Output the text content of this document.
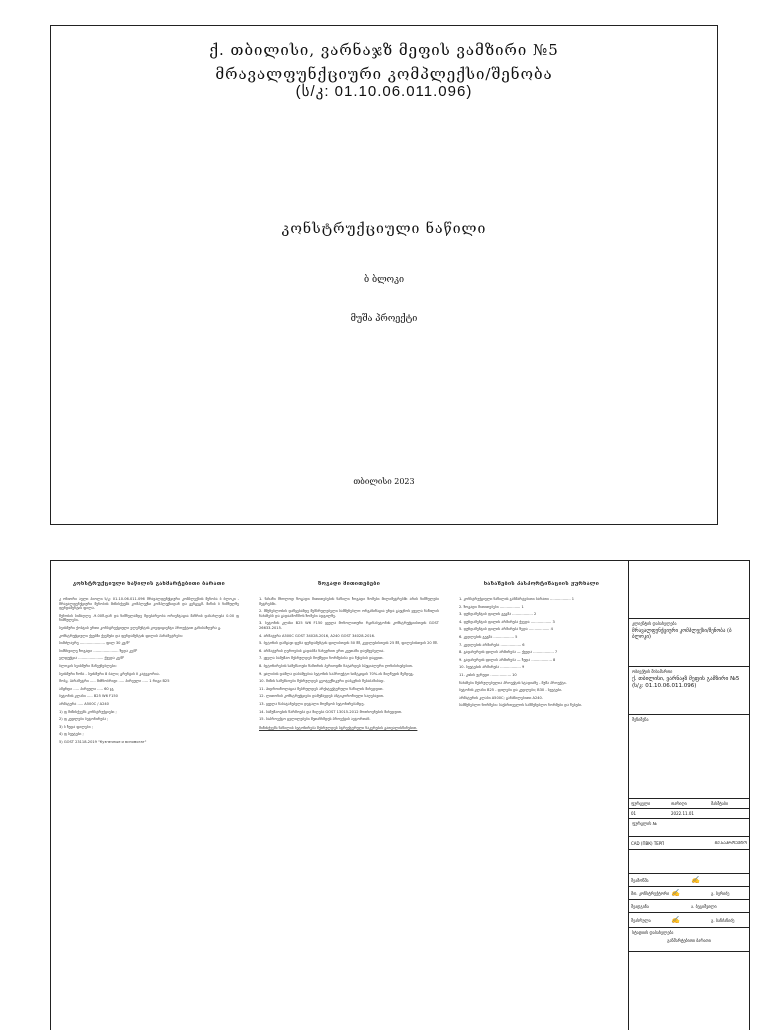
ქ. თბილისი, ვარნაჯზ მეფის ვამზირი №5
მრავალფუნქციური კომპლექსი/შენობა
(ს/კ: 01.10.06.011.096)
კონსტრუქციული ნაწილი
ბ ბლოკი
მუშა პროექტი
თბილისი 2023
კონსტრუქციული ნაწილის განმარტებითი ბარათი

კ ონიორი აული პიოლი ს/კ: 01.10.06.011.096 მრავალფუნქციური კომპლექსის შენობა ბ ბლოკი - მრავალფუნქციური შენობის მიწისქვეშა კომპლექსი კომპლექსიდან და გენგეგმ. მიწის ბ ნიშნულზე ფუნდამენტის ფილა.

შენობის სიმაღლე -9.00მ-დან და ნიშნულამდე მდებარეობა ორიენტაცია მაზრის დასახლება 0.00 ფ ნიშნულები.

სეისმური ქოსტის ერთი კონსტრუქციული ელემენტის კოეფიციენტი პროექტით განისაზღვრა გ.

კონსტრუქციული ქვებში ქვეშები და ფუნდამენტის ფილის პარამეტრები:

სიმძლავრე ...................... ფილ 30 კვ/მ²

სიმსხვილე ზოგადი ...................... ზედა კვ/მ²

ელფუქცია ...................... ქვედა კვ/მ²

ბლოკის სეისმური მაჩვენებლები:

სეისმური ზონა - სეისმური 8 ბალი; გრუნტის II კატეგორია.

მოსკ. პარამეტრი ..... მიზნობრივი ..... პირველი ..... 1 რიგი B25

ამყრდი ..... პირველი ..... 60 ჯგ

ბეტონის კლასი ..... B25 W6 F150

არმატურა ..... A500C / A240

1) ფ მიწისქვეშა კონსტრუქციები ;

2) ფ კედლები ბეტონირება ;

3) ბ ზედა ფილები ;

4) ფ სვეტები ;

5) GOST 23118-2019 "Кузнечные и вспомогат"

ზოგადი მითითებები

1. ნახაზი მხოლოდ ზოგადი მითითებების ნაწილი ზოგადი ზომები მილიმეტრებში არის ნიშნულები მეტრებში.

2. მშენებლობის დაწყებამდე შემსრულებელი სამშენებლო ორგანიზაცია უნდა გაეცნოს ყველა ნაწილის ნახაზებს და გადაამოწმოს ზომები ადგილზე.

3. ბეტონის კლასი B25 W6 F150 ყველა მონოლითური რკინაბეტონის კონსტრუქციისთვის GOST 26633-2015.

4. არმატურა A500C GOST 34028-2016, A240 GOST 34028-2016.

5. ბეტონის დამცავი ფენა ფუნდამენტის ფილისთვის 50 მმ, კედლებისთვის 25 მმ, ფილებისთვის 20 მმ.

6. არმატურის ღეროების გადაბმა ნახევრით ერთ კვეთაში დაუშვებელია.

7. ყველა სამუშაო შესრულდეს მოქმედი ნორმებისა და წესების დაცვით.

8. ბეტონირების სამუშაოები ზამთრის პერიოდში ჩატარდეს სპეციალური ღონისძიებებით.

9. ყალიბის დაშლა დასაშვებია ბეტონის საპროექტო სიმტკიცის 70%-ის მიღწევის შემდეგ.

10. მიწის სამუშაოები შესრულდეს გეოტექნიკური დასკვნის შესაბამისად.

11. ჰიდროიზოლაცია შესრულდეს არქიტექტურული ნაწილის მიხედვით.

12. ლითონის კონსტრუქციები დამუშავდეს ანტიკოროზიული საღებავით.

13. ყველა ჩასატანებელი დეტალი მოეწყოს ბეტონირებამდე.

14. სამუშაოების წარმოება და მიღება GOST 13015-2012 მოთხოვნების მიხედვით.

15. საპროექტო ცვლილებები შეთანხმდეს პროექტის ავტორთან.

მიწისქვეშა ნაწილის ბეტონირება შესრულდეს სტრუქტურული ნაკერების გათვალისწინებით.

ნახაზების პასპორტიზაციის ჟურნალი

1. კონსტრუქციული ნაწილის განმარტებითი ბარათი .................. 1

2. ზოგადი მითითებები .................. 1

3. ფუნდამენტის ფილის გეგმა .................. 2

4. ფუნდამენტის ფილის არმირება ქვედა .................. 3

5. ფუნდამენტის ფილის არმირება ზედა .................. 4

6. კედლების გეგმა .................. 5

7. კედლების არმირება .................. 6

8. გადახურვის ფილის არმირება — ქვედა .................. 7

9. გადახურვის ფილის არმირება — ზედა .................. 8

10. სვეტების არმირება .................. 9

11. კიბის უჯრედი .................. 10

ნახაზები შესრულებულია პროექტის სტადიაზე - მუშა პროექტი.

ბეტონის კლასი B25 - ფილები და კედლები; B30 - სვეტები.

არმატურის კლასი A500C; განაწილებითი A240.

სამშენებლო ნორმები: საქართველოს სამშენებლო ნორმები და წესები.

კლიენტის დასახელება
მრავალფუნქციური კომპლექსი/შენობა (ბ ბლოკი)
ობიექტის მისამართი
ქ. თბილისი, ვარნაჯზ მეფის გამზირი №5 (ს/კ: 01.10.06.011.096)
შენიშვნა
ფურცელი	თარიღი	მასშტაბი
01	2022.11.01
ფურცლის №
CAD (ПВК) ТЕРП	ᲒᲥ.ᲡᲐᲞᲠᲝᲔᲥᲢᲝ
შეამოწმა	✍
მთ. კონსტრუქტორი ✍	გ. ბერიძე
შეადგინა	ა. ბეგიშვილი
შეასრულა	✍	გ. ბანძანიძე
სტადიის დასახელება
განმარტებითი ბარათი
